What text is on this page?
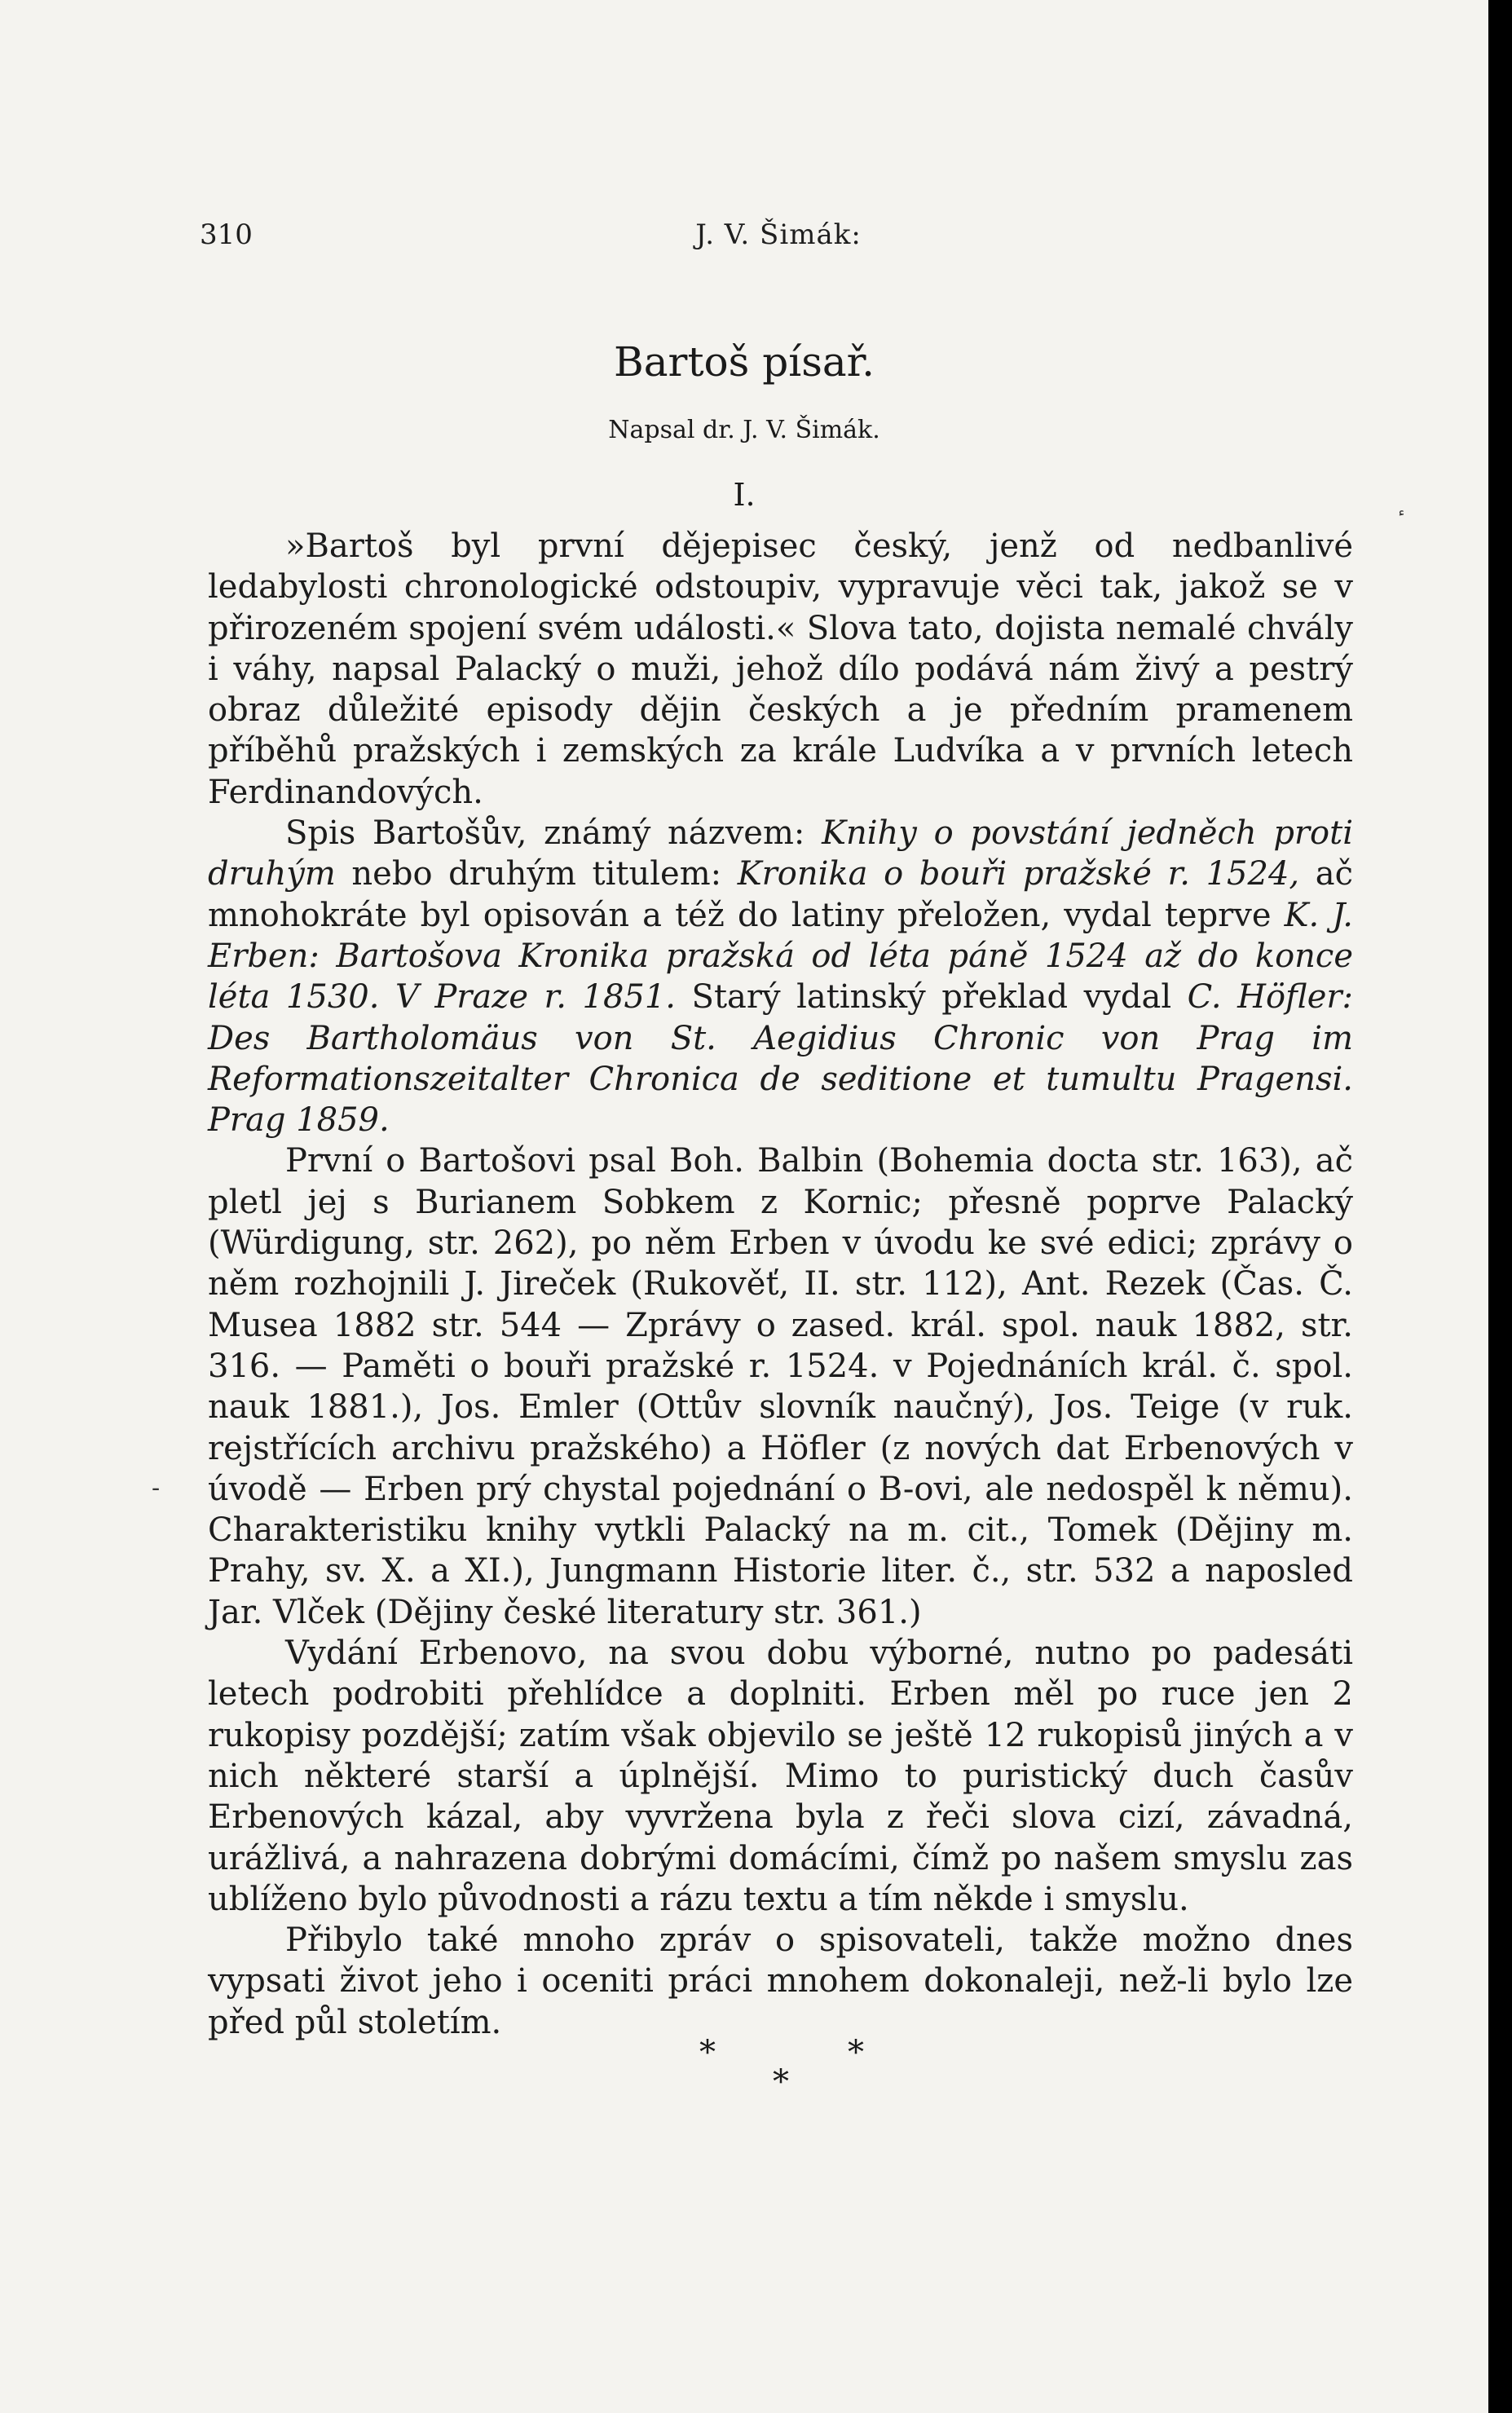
310	J. V. Šimák:
Bartoš písař.
Napsal dr. J. V. Šimák.
I.

»Bartoš byl první dějepisec český, jenž od nedbanlivé ledabylosti chronologické odstoupiv, vypravuje věci tak, jakož se v přirozeném spojení svém události.« Slova tato, dojista nemalé chvály i váhy, napsal Palacký o muži, jehož dílo podává nám živý a pestrý obraz důležité episody dějin českých a je předním pramenem příběhů pražských i zemských za krále Ludvíka a v prvních letech Ferdinandových.

Spis Bartošův, známý názvem: Knihy o povstání jedněch proti druhým nebo druhým titulem: Kronika o bouři pražské r. 1524, ač mnohokráte byl opisován a též do latiny přeložen, vydal teprve K. J. Erben: Bartošova Kronika pražská od léta páně 1524 až do konce léta 1530. V Praze r. 1851. Starý latinský překlad vydal C. Höfler: Des Bartholomäus von St. Aegidius Chronic von Prag im Reformationszeitalter Chronica de seditione et tumultu Pragensi. Prag 1859.

První o Bartošovi psal Boh. Balbin (Bohemia docta str. 163), ač pletl jej s Burianem Sobkem z Kornic; přesně poprve Palacký (Würdigung, str. 262), po něm Erben v úvodu ke své edici; zprávy o něm rozhojnili J. Jireček (Rukověť, II. str. 112), Ant. Rezek (Čas. Č. Musea 1882 str. 544 — Zprávy o zased. král. spol. nauk 1882, str. 316. — Paměti o bouři pražské r. 1524. v Pojednáních král. č. spol. nauk 1881.), Jos. Emler (Ottův slovník naučný), Jos. Teige (v ruk. rejstřících archivu pražského) a Höfler (z nových dat Erbenových v úvodě — Erben prý chystal pojednání o B-ovi, ale nedospěl k němu). Charakteristiku knihy vytkli Palacký na m. cit., Tomek (Dějiny m. Prahy, sv. X. a XI.), Jungmann Historie liter. č., str. 532 a naposled Jar. Vlček (Dějiny české literatury str. 361.)

Vydání Erbenovo, na svou dobu výborné, nutno po padesáti letech podrobiti přehlídce a doplniti. Erben měl po ruce jen 2 rukopisy pozdější; zatím však objevilo se ještě 12 rukopisů jiných a v nich některé starší a úplnější. Mimo to puristický duch časův Erbenových kázal, aby vyvržena byla z řeči slova cizí, závadná, urážlivá, a nahrazena dobrými domácími, čímž po našem smyslu zas ublíženo bylo původnosti a rázu textu a tím někde i smyslu.

Přibylo také mnoho zpráv o spisovateli, takže možno dnes vypsati život jeho i oceniti práci mnohem dokonaleji, než-li bylo lze před půl stoletím.

*	*
*
-
